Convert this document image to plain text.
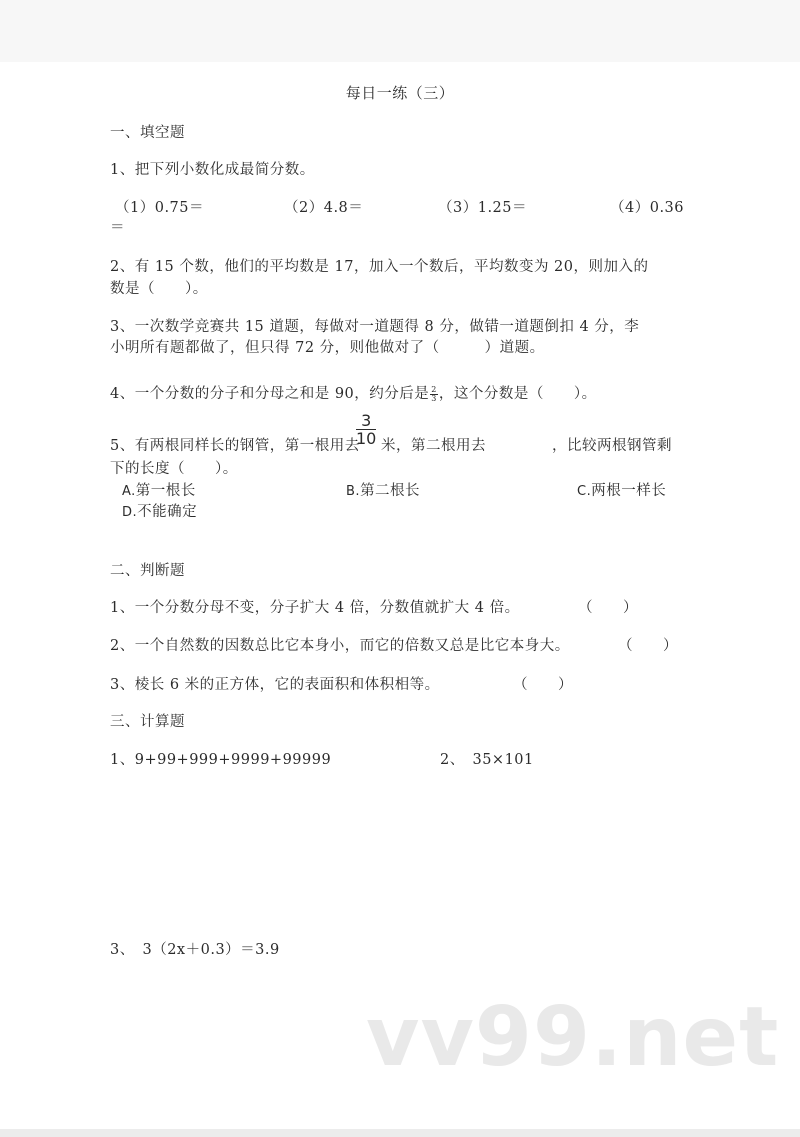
每日一练（三）
一、填空题
1、把下列小数化成最简分数。
（1）0.75＝	（2）4.8＝	（3）1.25＝	（4）0.36
＝
2、有 15 个数，他们的平均数是 17，加入一个数后，平均数变为 20，则加入的
数是（　　）。
3、一次数学竞赛共 15 道题，每做对一道题得 8 分，做错一道题倒扣 4 分，李
小明所有题都做了，但只得 72 分，则他做对了（　　　）道题。
4、一个分数的分子和分母之和是 90，约分后是 $\frac{2}{3}$ ，这个分数是（　　）。
5、有两根同样长的钢管，第一根用去
$\frac{3}{10}$ 米，第二根用去	，比较两根钢管剩
下的长度（　　）。
A.第一根长	B.第二根长	C.两根一样长
D.不能确定
二、判断题
1、一个分数分母不变，分子扩大 4 倍，分数值就扩大 4 倍。	（　　）
2、一个自然数的因数总比它本身小，而它的倍数又总是比它本身大。	（　　）
3、棱长 6 米的正方体，它的表面积和体积相等。	（　　）
三、计算题
1、9+99+999+9999+99999	2、　35×101
3、　3（2x＋0.3）＝3.9
vv99.net
